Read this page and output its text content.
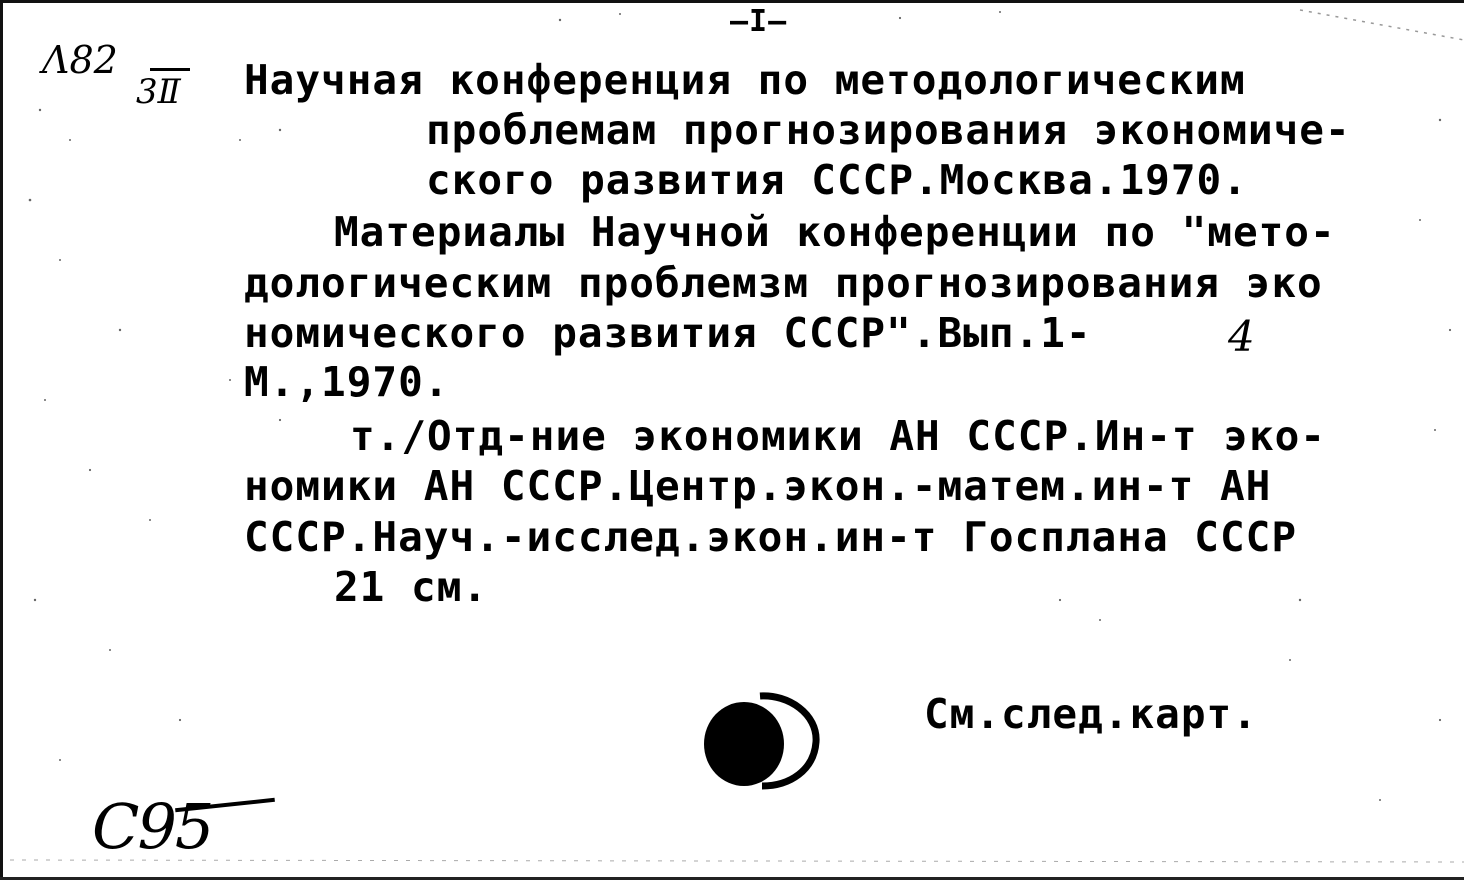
—I—
Λ82
3Ⅱ Научная конференция по методологическим
проблемам прогнозирования экономиче-
ского развития СССР.Москва.1970.
Материалы Научной конференции по "мето-
дологическим проблемзм прогнозирования эко
номического развития СССР".Вып.1-	4
М.,1970.
т./Отд-ние экономики АН СССР.Ин-т эко-
номики АН СССР.Центр.экон.-матем.ин-т АН
СССР.Науч.-исслед.экон.ин-т Госплана СССР
21 см.
См.след.карт.
С95
